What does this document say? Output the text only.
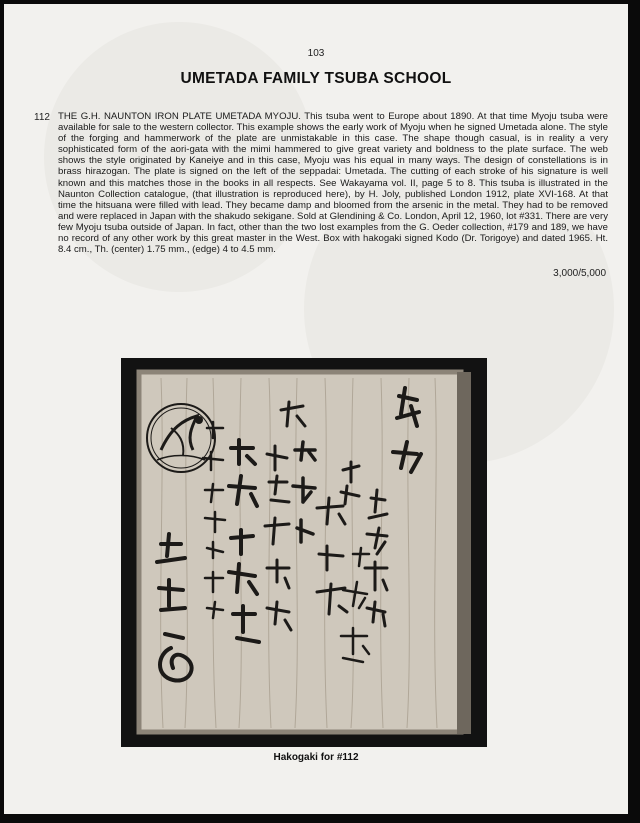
103
UMETADA FAMILY TSUBA SCHOOL
112 THE G.H. NAUNTON IRON PLATE UMETADA MYOJU. This tsuba went to Europe about 1890. At that time Myoju tsuba were available for sale to the western collector. This example shows the early work of Myoju when he signed Umetada alone. The style of the forging and hammerwork of the plate are unmistakable in this case. The shape though casual, is in reality a very sophisticated form of the aori-gata with the mimi hammered to give great variety and boldness to the plate surface. The web shows the style originated by Kaneiye and in this case, Myoju was his equal in many ways. The design of constellations is in brass hirazogan. The plate is signed on the left of the seppadai: Umetada. The cutting of each stroke of his signature is well known and this matches those in the books in all respects. See Wakayama vol. II, page 5 to 8. This tsuba is illustrated in the Naunton Collection catalogue, (that illustration is reproduced here), by H. Joly, published London 1912, plate XVI-168. At that time the hitsuana were filled with lead. They became damp and bloomed from the arsenic in the metal. They had to be removed and were replaced in Japan with the shakudo sekigane. Sold at Glendining & Co. London, April 12, 1960, lot #331. There are very few Myoju tsuba outside of Japan. In fact, other than the two lost examples from the G. Oeder collection, #179 and 189, we have no record of any other work by this great master in the West. Box with hakogaki signed Kodo (Dr. Torigoye) and dated 1965. Ht. 8.4 cm., Th. (center) 1.75 mm., (edge) 4 to 4.5 mm.
3,000/5,000
Hakogaki for #112
